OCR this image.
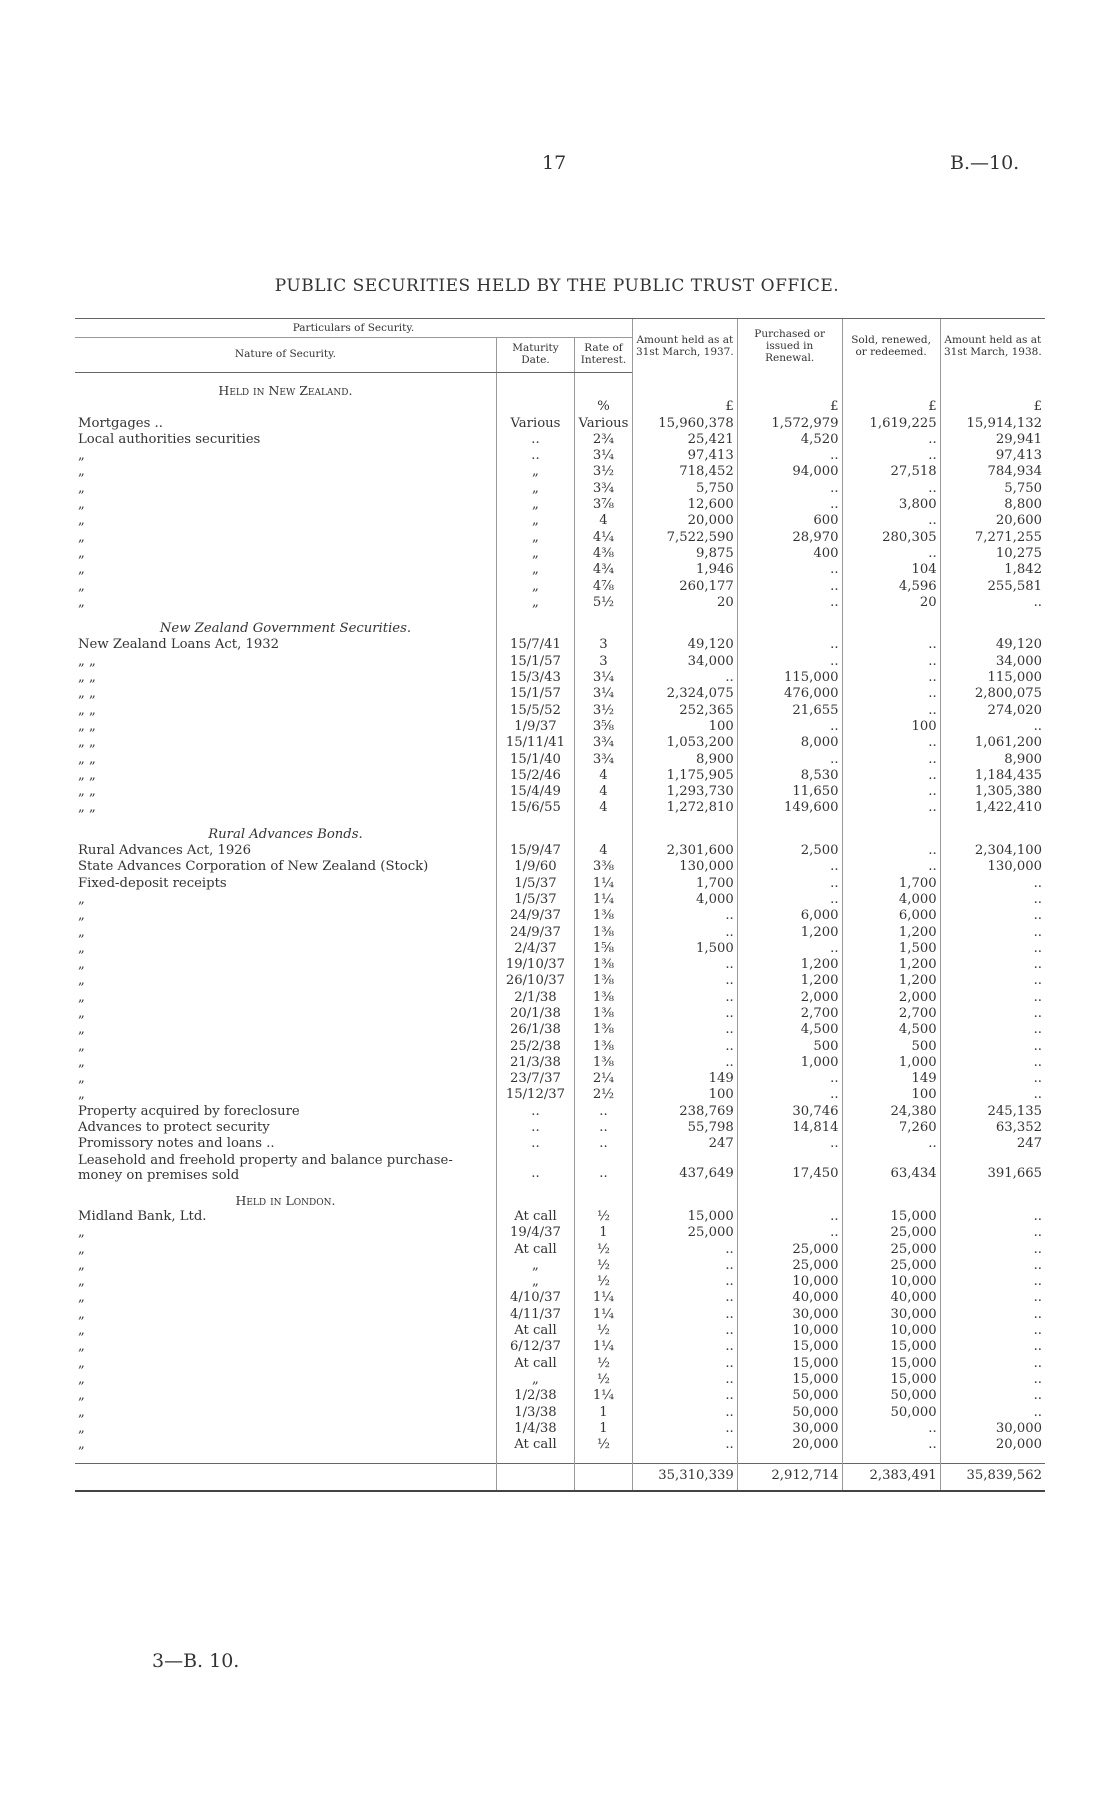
17	B.—10.
PUBLIC SECURITIES HELD BY THE PUBLIC TRUST OFFICE.
Particulars of Security.			Amount held as at 31st March, 1937.	Purchased or issued in Renewal.	Sold, renewed, or redeemed.	Amount held as at 31st March, 1938.
Nature of Security.	Maturity Date.	Rate of Interest.				

Held in New Zealand.						
		%	£	£	£	£
Mortgages ..	Various	Various	15,960,378	1,572,979	1,619,225	15,914,132
Local authorities securities	..	2¾	25,421	4,520	..	29,941
„	..	3¼	97,413	..	..	97,413
„	„	3½	718,452	94,000	27,518	784,934
„	„	3¾	5,750	..	..	5,750
„	„	3⅞	12,600	..	3,800	8,800
„	„	4	20,000	600	..	20,600
„	„	4¼	7,522,590	28,970	280,305	7,271,255
„	„	4⅜	9,875	400	..	10,275
„	„	4¾	1,946	..	104	1,842
„	„	4⅞	260,177	..	4,596	255,581
„	„	5½	20	..	20	..

New Zealand Government Securities.						
New Zealand Loans Act, 1932	15/7/41	3	49,120	..	..	49,120
„ „	15/1/57	3	34,000	..	..	34,000
„ „	15/3/43	3¼	..	115,000	..	115,000
„ „	15/1/57	3¼	2,324,075	476,000	..	2,800,075
„ „	15/5/52	3½	252,365	21,655	..	274,020
„ „	1/9/37	3⅝	100	..	100	..
„ „	15/11/41	3¾	1,053,200	8,000	..	1,061,200
„ „	15/1/40	3¾	8,900	..	..	8,900
„ „	15/2/46	4	1,175,905	8,530	..	1,184,435
„ „	15/4/49	4	1,293,730	11,650	..	1,305,380
„ „	15/6/55	4	1,272,810	149,600	..	1,422,410

Rural Advances Bonds.						
Rural Advances Act, 1926	15/9/47	4	2,301,600	2,500	..	2,304,100
State Advances Corporation of New Zealand (Stock)	1/9/60	3⅜	130,000	..	..	130,000
Fixed-deposit receipts	1/5/37	1¼	1,700	..	1,700	..
„	1/5/37	1¼	4,000	..	4,000	..
„	24/9/37	1⅜	..	6,000	6,000	..
„	24/9/37	1⅜	..	1,200	1,200	..
„	2/4/37	1⅝	1,500	..	1,500	..
„	19/10/37	1⅜	..	1,200	1,200	..
„	26/10/37	1⅜	..	1,200	1,200	..
„	2/1/38	1⅜	..	2,000	2,000	..
„	20/1/38	1⅜	..	2,700	2,700	..
„	26/1/38	1⅜	..	4,500	4,500	..
„	25/2/38	1⅜	..	500	500	..
„	21/3/38	1⅜	..	1,000	1,000	..
„	23/7/37	2¼	149	..	149	..
„	15/12/37	2½	100	..	100	..
Property acquired by foreclosure	..	..	238,769	30,746	24,380	245,135
Advances to protect security	..	..	55,798	14,814	7,260	63,352
Promissory notes and loans ..	..	..	247	..	..	247
Leasehold and freehold property and balance purchase-money on premises sold	..	..	437,649	17,450	63,434	391,665

Held in London.						
Midland Bank, Ltd.	At call	½	15,000	..	15,000	..
„	19/4/37	1	25,000	..	25,000	..
„	At call	½	..	25,000	25,000	..
„	„	½	..	25,000	25,000	..
„	„	½	..	10,000	10,000	..
„	4/10/37	1¼	..	40,000	40,000	..
„	4/11/37	1¼	..	30,000	30,000	..
„	At call	½	..	10,000	10,000	..
„	6/12/37	1¼	..	15,000	15,000	..
„	At call	½	..	15,000	15,000	..
„	„	½	..	15,000	15,000	..
„	1/2/38	1¼	..	50,000	50,000	..
„	1/3/38	1	..	50,000	50,000	..
„	1/4/38	1	..	30,000	..	30,000
„	At call	½	..	20,000	..	20,000

			35,310,339	2,912,714	2,383,491	35,839,562
3—B. 10.
